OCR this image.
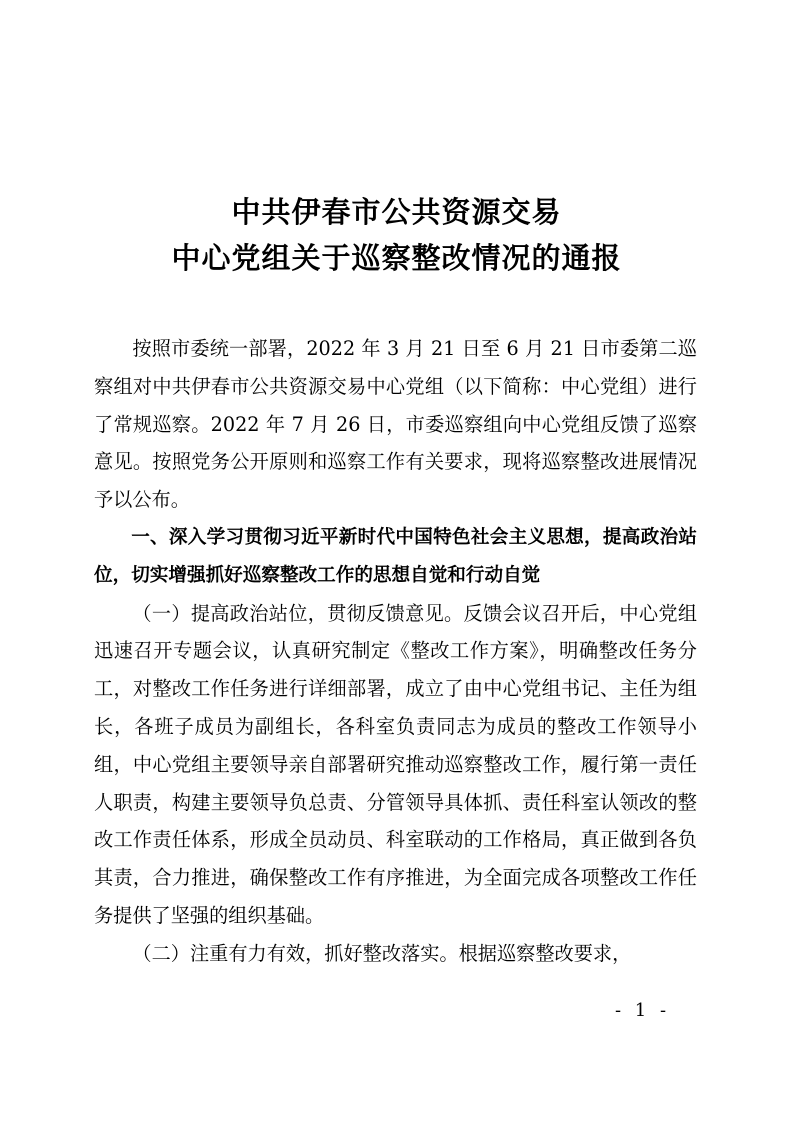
中共伊春市公共资源交易
中心党组关于巡察整改情况的通报

按照市委统一部署，2022 年 3 月 21 日至 6 月 21 日市委第二巡察组对中共伊春市公共资源交易中心党组（以下简称：中心党组）进行了常规巡察。2022 年 7 月 26 日，市委巡察组向中心党组反馈了巡察意见。按照党务公开原则和巡察工作有关要求，现将巡察整改进展情况予以公布。

一、深入学习贯彻习近平新时代中国特色社会主义思想，提高政治站位，切实增强抓好巡察整改工作的思想自觉和行动自觉

（一）提高政治站位，贯彻反馈意见。反馈会议召开后，中心党组迅速召开专题会议，认真研究制定《整改工作方案》，明确整改任务分工，对整改工作任务进行详细部署，成立了由中心党组书记、主任为组长，各班子成员为副组长，各科室负责同志为成员的整改工作领导小组，中心党组主要领导亲自部署研究推动巡察整改工作，履行第一责任人职责，构建主要领导负总责、分管领导具体抓、责任科室认领改的整改工作责任体系，形成全员动员、科室联动的工作格局，真正做到各负其责，合力推进，确保整改工作有序推进，为全面完成各项整改工作任务提供了坚强的组织基础。

（二）注重有力有效，抓好整改落实。根据巡察整改要求，

- 1 -
